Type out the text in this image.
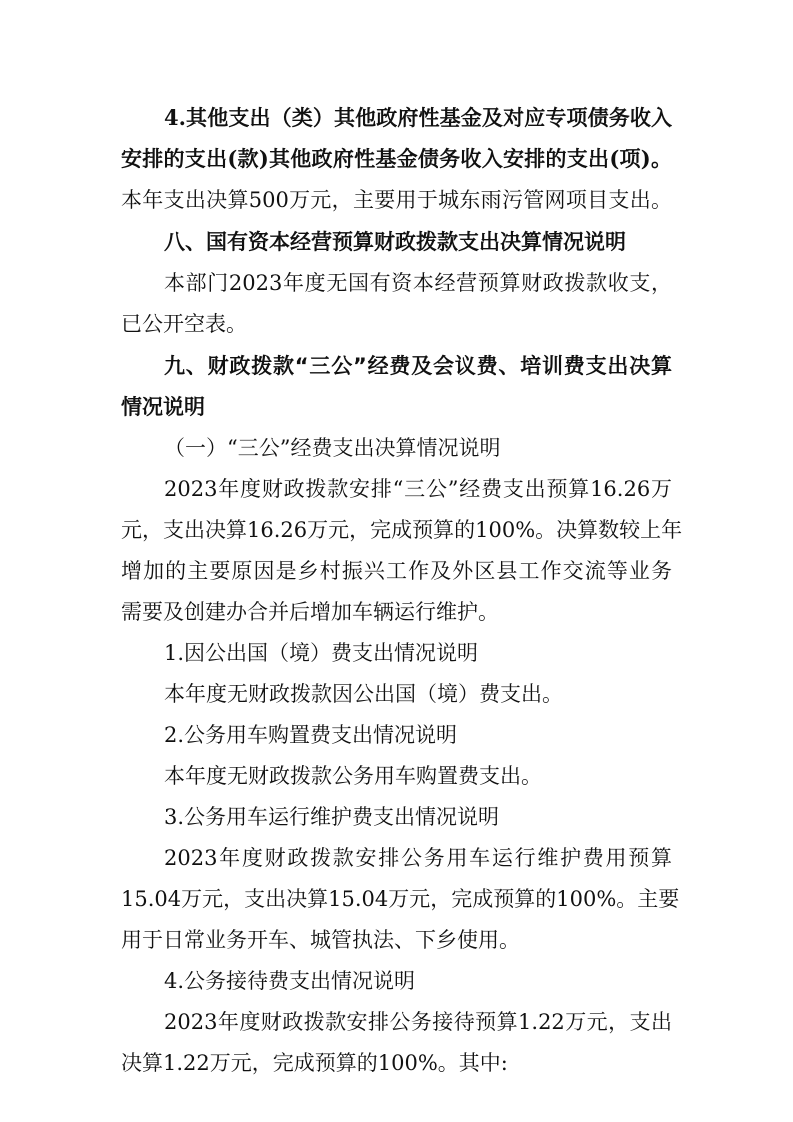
4.其他支出（类）其他政府性基金及对应专项债务收入
安排的支出(款)其他政府性基金债务收入安排的支出(项)。
本年支出决算500万元，主要用于城东雨污管网项目支出。
八、国有资本经营预算财政拨款支出决算情况说明
本部门2023年度无国有资本经营预算财政拨款收支，
已公开空表。
九、财政拨款“三公”经费及会议费、培训费支出决算
情况说明
（一）“三公”经费支出决算情况说明
2023年度财政拨款安排“三公”经费支出预算16.26万
元，支出决算16.26万元，完成预算的100%。决算数较上年
增加的主要原因是乡村振兴工作及外区县工作交流等业务
需要及创建办合并后增加车辆运行维护。
1.因公出国（境）费支出情况说明
本年度无财政拨款因公出国（境）费支出。
2.公务用车购置费支出情况说明
本年度无财政拨款公务用车购置费支出。
3.公务用车运行维护费支出情况说明
2023年度财政拨款安排公务用车运行维护费用预算
15.04万元，支出决算15.04万元，完成预算的100%。主要
用于日常业务开车、城管执法、下乡使用。
4.公务接待费支出情况说明
2023年度财政拨款安排公务接待预算1.22万元，支出
决算1.22万元，完成预算的100%。其中:
